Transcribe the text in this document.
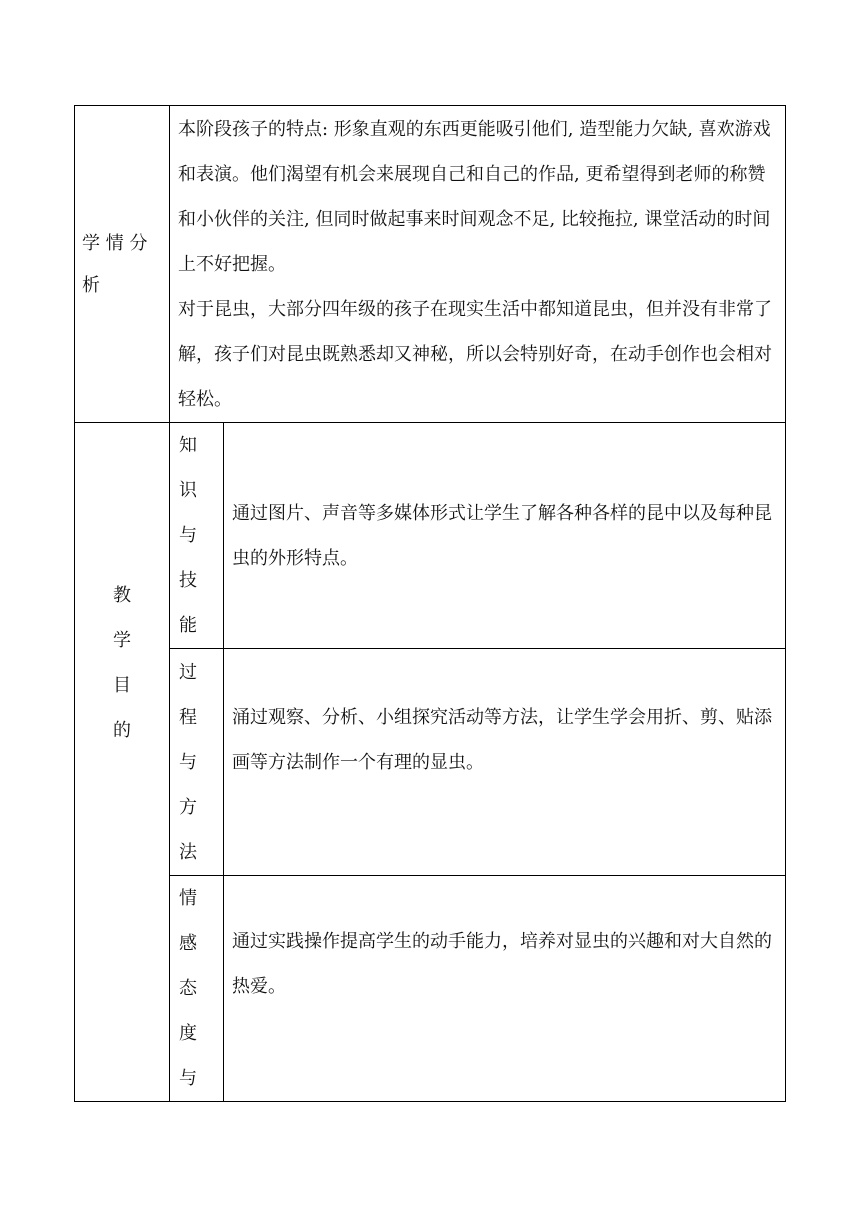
学 情 分
析

本阶段孩子的特点: 形象直观的东西更能吸引他们, 造型能力欠缺, 喜欢游戏和表演。他们渴望有机会来展现自己和自己的作品, 更希望得到老师的称赞和小伙伴的关注, 但同时做起事来时间观念不足, 比较拖拉, 课堂活动的时间上不好把握。

对于昆虫，大部分四年级的孩子在现实生活中都知道昆虫，但并没有非常了解，孩子们对昆虫既熟悉却又神秘，所以会特别好奇，在动手创作也会相对轻松。

教
学
目
的
知
识
与
技
能
通过图片、声音等多媒体形式让学生了解各种各样的昆中以及每种昆虫的外形特点。
过
程
与
方
法
涌过观察、分析、小组探究活动等方法，让学生学会用折、剪、贴添画等方法制作一个有理的显虫。
情
感
态
度
与
通过实践操作提高学生的动手能力，培养对显虫的兴趣和对大自然的热爱。
